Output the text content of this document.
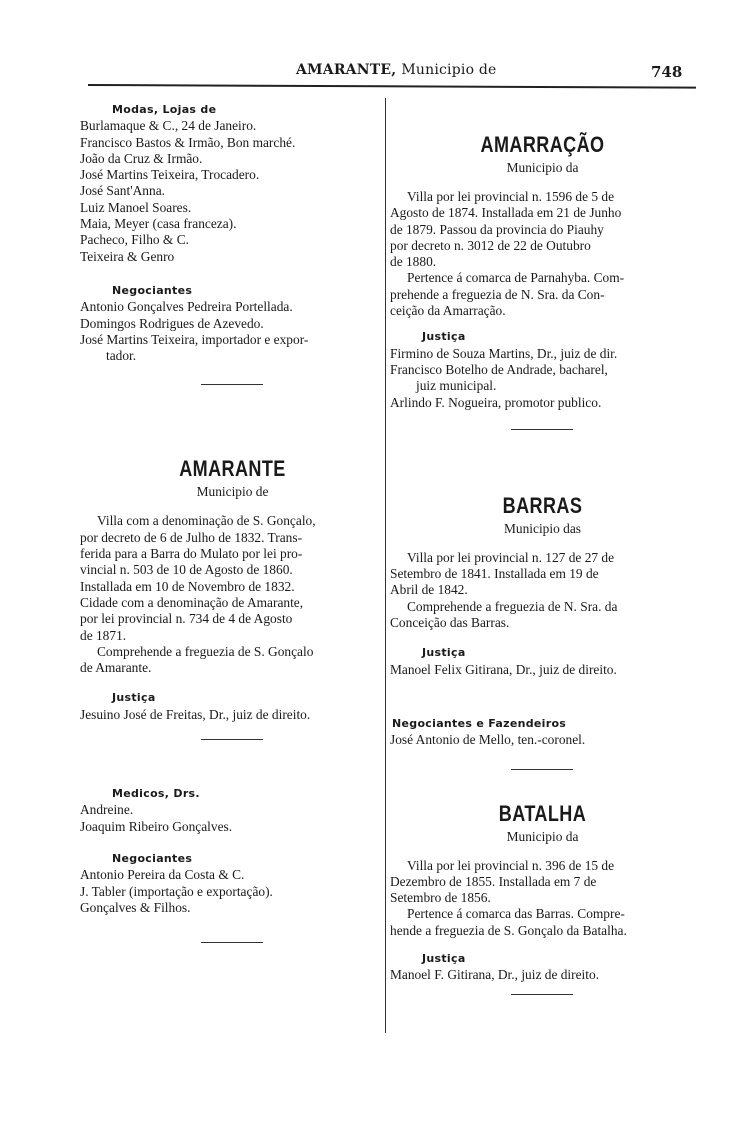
AMARANTE, Municipio de	748
Modas, Lojas de
Burlamaque & C., 24 de Janeiro.
Francisco Bastos & Irmão, Bon marché.
João da Cruz & Irmão.
José Martins Teixeira, Trocadero.
José Sant'Anna.
Luiz Manoel Soares.
Maia, Meyer (casa franceza).
Pacheco, Filho & C.
Teixeira & Genro
Negociantes
Antonio Gonçalves Pedreira Portellada.
Domingos Rodrigues de Azevedo.
José Martins Teixeira, importador e expor-
tador.
AMARANTE
Municipio de
Villa com a denominação de S. Gonçalo,
por decreto de 6 de Julho de 1832. Trans-
ferida para a Barra do Mulato por lei pro-
vincial n. 503 de 10 de Agosto de 1860.
Installada em 10 de Novembro de 1832.
Cidade com a denominação de Amarante,
por lei provincial n. 734 de 4 de Agosto
de 1871.
Comprehende a freguezia de S. Gonçalo
de Amarante.
Justiça
Jesuino José de Freitas, Dr., juiz de direito.
Medicos, Drs.
Andreine.
Joaquim Ribeiro Gonçalves.
Negociantes
Antonio Pereira da Costa & C.
J. Tabler (importação e exportação).
Gonçalves & Filhos.
AMARRAÇÃO
Municipio da
Villa por lei provincial n. 1596 de 5 de
Agosto de 1874. Installada em 21 de Junho
de 1879. Passou da provincia do Piauhy
por decreto n. 3012 de 22 de Outubro
de 1880.
Pertence á comarca de Parnahyba. Com-
prehende a freguezia de N. Sra. da Con-
ceição da Amarração.
Justiça
Firmino de Souza Martins, Dr., juiz de dir.
Francisco Botelho de Andrade, bacharel,
juiz municipal.
Arlindo F. Nogueira, promotor publico.
BARRAS
Municipio das
Villa por lei provincial n. 127 de 27 de
Setembro de 1841. Installada em 19 de
Abril de 1842.
Comprehende a freguezia de N. Sra. da
Conceição das Barras.
Justiça
Manoel Felix Gitirana, Dr., juiz de direito.
Negociantes e Fazendeiros
José Antonio de Mello, ten.-coronel.
BATALHA
Municipio da
Villa por lei provincial n. 396 de 15 de
Dezembro de 1855. Installada em 7 de
Setembro de 1856.
Pertence á comarca das Barras. Compre-
hende a freguezia de S. Gonçalo da Batalha.
Justiça
Manoel F. Gitirana, Dr., juiz de direito.
